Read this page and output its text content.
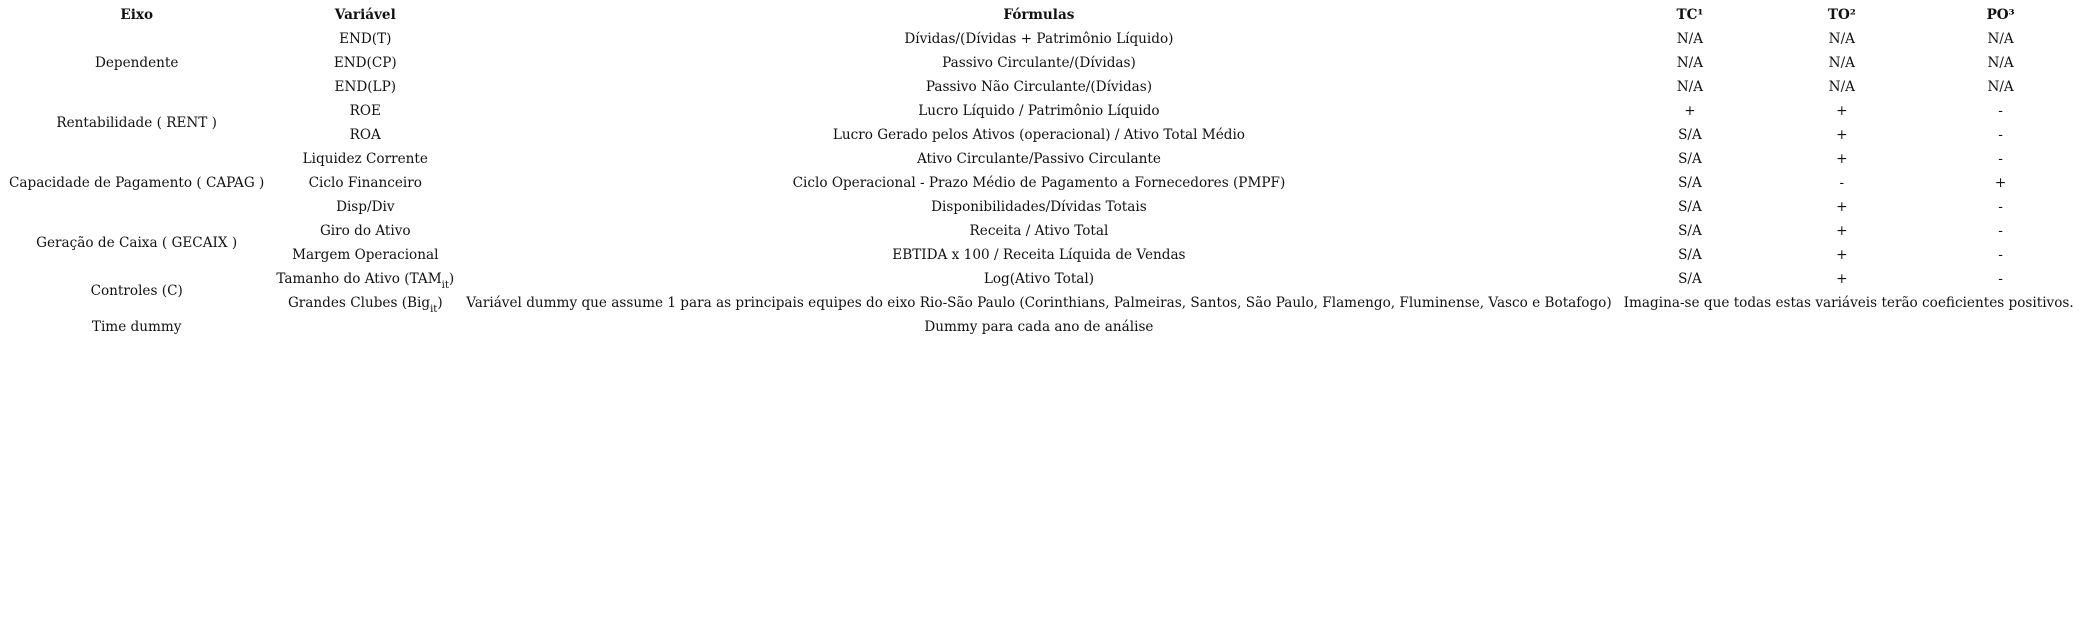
Eixo	Variável	Fórmulas	TC¹	TO²	PO³
Dependente	END(T)	Dívidas/(Dívidas + Patrimônio Líquido)	N/A	N/A	N/A
	END(CP)	Passivo Circulante/(Dívidas)	N/A	N/A	N/A
	END(LP)	Passivo Não Circulante/(Dívidas)	N/A	N/A	N/A
Rentabilidade ( RENT )	ROE	Lucro Líquido / Patrimônio Líquido	+	+	-
	ROA	Lucro Gerado pelos Ativos (operacional) / Ativo Total Médio	S/A	+	-
Capacidade de Pagamento ( CAPAG )	Liquidez Corrente	Ativo Circulante/Passivo Circulante	S/A	+	-
	Ciclo Financeiro	Ciclo Operacional - Prazo Médio de Pagamento a Fornecedores (PMPF)	S/A	-	+
	Disp/Div	Disponibilidades/Dívidas Totais	S/A	+	-
Geração de Caixa ( GECAIX )	Giro do Ativo	Receita / Ativo Total	S/A	+	-
	Margem Operacional	EBTIDA x 100 / Receita Líquida de Vendas	S/A	+	-
Controles (C)	Tamanho do Ativo $(TAM_{it})$	Log(Ativo Total)	S/A	+	-
	Grandes Clubes (Big$_{it}$)	Variável dummy que assume 1 para as principais equipes do eixo Rio-São Paulo (Corinthians, Palmeiras, Santos, São Paulo, Flamengo, Fluminense, Vasco e Botafogo)	Imagina-se que todas estas variáveis terão coeficientes positivos.		
Time dummy		Dummy para cada ano de análise			
